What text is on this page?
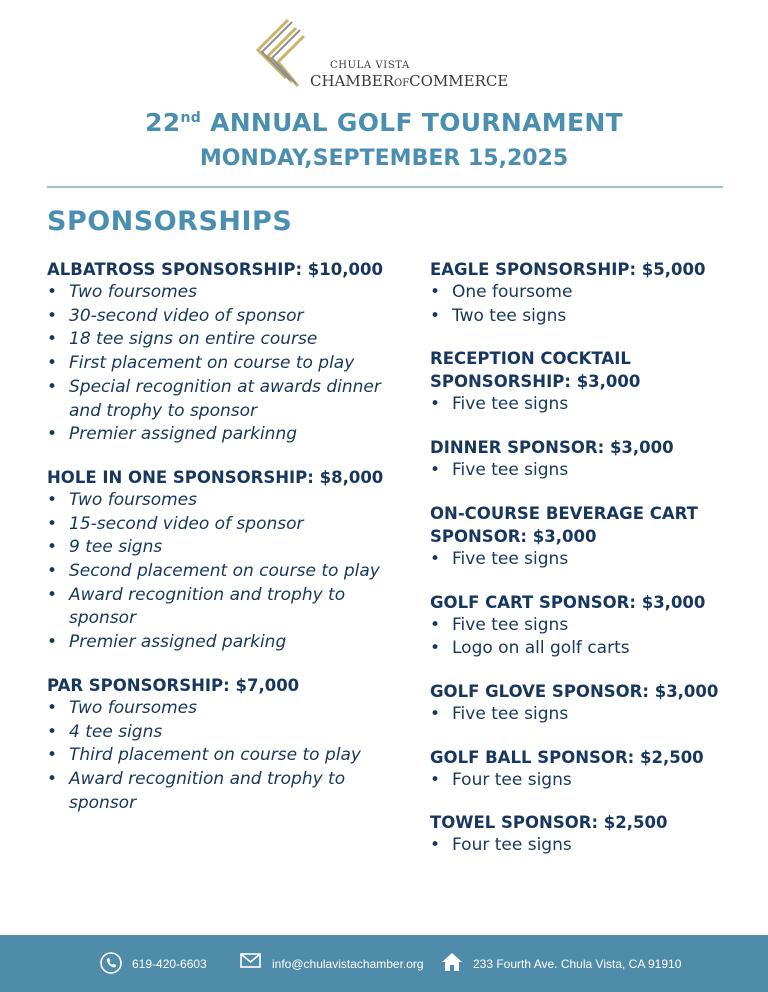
CHULA VISTA
CHAMBEROFCOMMERCE
22nd ANNUAL GOLF TOURNAMENT
MONDAY,SEPTEMBER 15,2025
SPONSORSHIPS
ALBATROSS SPONSORSHIP: $10,000
• Two foursomes
• 30-second video of sponsor
• 18 tee signs on entire course
• First placement on course to play
• Special recognition at awards dinner and trophy to sponsor
• Premier assigned parkinng
HOLE IN ONE SPONSORSHIP: $8,000
• Two foursomes
• 15-second video of sponsor
• 9 tee signs
• Second placement on course to play
• Award recognition and trophy to sponsor
• Premier assigned parking
PAR SPONSORSHIP: $7,000
• Two foursomes
• 4 tee signs
• Third placement on course to play
• Award recognition and trophy to sponsor
EAGLE SPONSORSHIP: $5,000
• One foursome
• Two tee signs
RECEPTION COCKTAIL SPONSORSHIP: $3,000
• Five tee signs
DINNER SPONSOR: $3,000
• Five tee signs
ON-COURSE BEVERAGE CART SPONSOR: $3,000
• Five tee signs
GOLF CART SPONSOR: $3,000
• Five tee signs
• Logo on all golf carts
GOLF GLOVE SPONSOR: $3,000
• Five tee signs
GOLF BALL SPONSOR: $2,500
• Four tee signs
TOWEL SPONSOR: $2,500
• Four tee signs
619-420-6603	info@chulavistachamber.org	233 Fourth Ave. Chula Vista, CA 91910
